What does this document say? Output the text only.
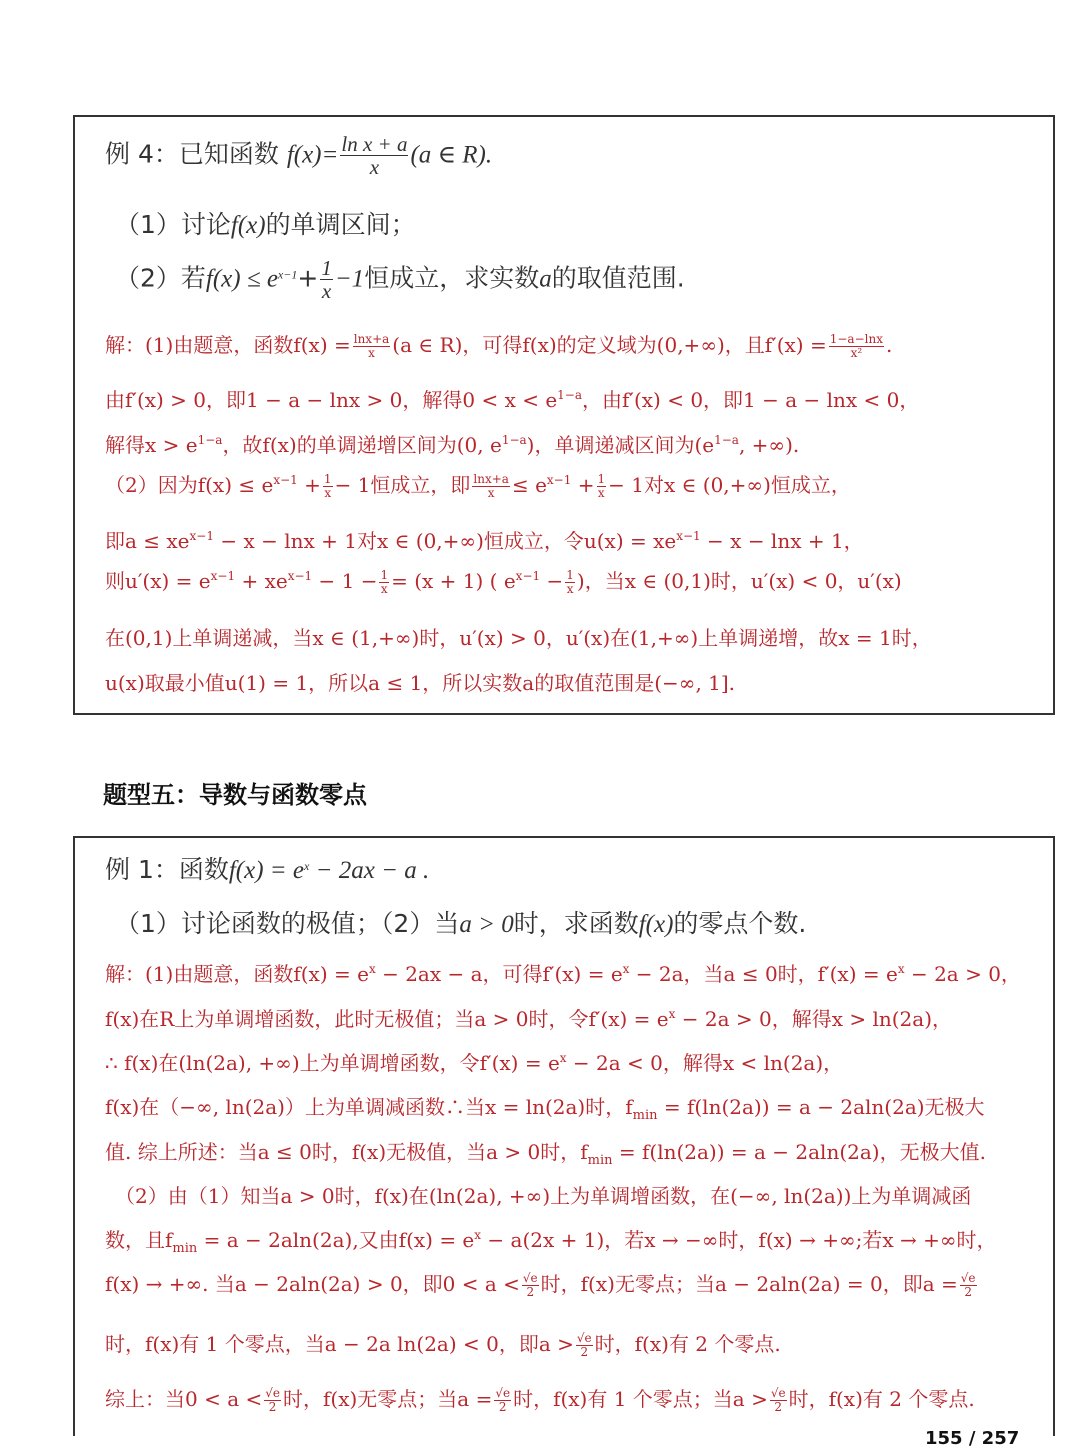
例 4：已知函数 $f(x)= \frac{\text{ln x + a}}{x} (a$ ∈ R).
（1）讨论f(x)的单调区间；
（2）若$f(x) \le e^{x-1}+ \frac{1}{x} -1$恒成立，求实数a的取值范围.
解：(1)由题意，函数$f(x) = \frac{\ln x+a}{x} (a$ ∈ R)，可得f(x)的定义域为(0,+∞)，且$f'(x) = \frac{1-a-\ln x}{\text{x²}}$ .
由f′(x) > 0，即1 − a − lnx > 0，解得$0 < x < e^{1-a}$，由f′(x) < 0，即1 − a − lnx < 0，
解得$x > e^{1-a}$，故f(x)的单调递增区间为(0, $e^{1-a}$)，单调递减区间为($e^{1-a}$, +∞).
（2）因为$f(x) \le e^{x-1} + \frac{1}{x} - 1$恒成立，即 $\frac{\ln x+a}{x} \le e^{x-1} + \frac{1}{x} - 1$对x ∈ (0,+∞)恒成立，
即$a \le xe^{x-1} - x - \ln x + 1$对x ∈ (0,+∞)恒成立，令$u(x) = xe^{x-1} - x - \ln x + 1$，
则$u'(x) = e^{x-1} + xe^{x-1} - 1 - \frac{1}{x} = (x + 1)$ ( $e^{x-1} - \frac{1}{x}$ )，当x ∈ (0,1)时，u′(x) < 0，u′(x)
在(0,1)上单调递减，当x ∈ (1,+∞)时，u′(x) > 0，u′(x)在(1,+∞)上单调递增，故x = 1时，
u(x)取最小值u(1) = 1，所以a ≤ 1，所以实数a的取值范围是(−∞, 1].
题型五：导数与函数零点
例 1：函数$f(x) = e^x - 2ax - a$ .
（1）讨论函数的极值；（2）当a > 0时，求函数f(x)的零点个数.
解：(1)由题意，函数$f(x) = e^x - 2ax - a$，可得$f'(x) = e^x - 2a$，当a ≤ 0时，$f'(x) = e^x - 2a > 0$，
f(x)在R上为单调增函数，此时无极值；当a > 0时，令$f'(x) = e^x - 2a > 0$，解得x > ln(2a)，
∴ f(x)在(ln(2a), +∞)上为单调增函数，令$f'(x) = e^x - 2a < 0$，解得x < ln(2a)，
f(x)在（−∞, ln(2a)）上为单调减函数∴当x = ln(2a)时，$f_{min} = f(\ln(2a)) = a - 2aln(2a)$无极大
值. 综上所述：当a ≤ 0时，f(x)无极值，当a > 0时，$f_{min} = f(\ln(2a)) = a - 2aln(2a)$，无极大值.
（2）由（1）知当a > 0时，f(x)在(ln(2a), +∞)上为单调增函数，在(−∞, ln(2a))上为单调减函
数，且$f_{min} = a - 2aln(2a)$,又由$f(x) = e^x - a(2x + 1)$，若x → −∞时，f(x) → +∞;若x → +∞时，
f(x) → +∞. 当a − 2aln(2a) > 0，即$0 < a < \frac{√e}{2}$ 时，f(x)无零点；当a − 2aln(2a) = 0，即$a = \frac{√e}{2}$
时，f(x)有 1 个零点，当a − 2a ln(2a) < 0，即$a > \frac{√e}{2}$ 时，f(x)有 2 个零点.
综上：当$0 < a < \frac{√e}{2}$ 时，f(x)无零点；当$a = \frac{√e}{2}$ 时，f(x)有 1 个零点；当$a > \frac{√e}{2}$ 时，f(x)有 2 个零点.
155 / 257
